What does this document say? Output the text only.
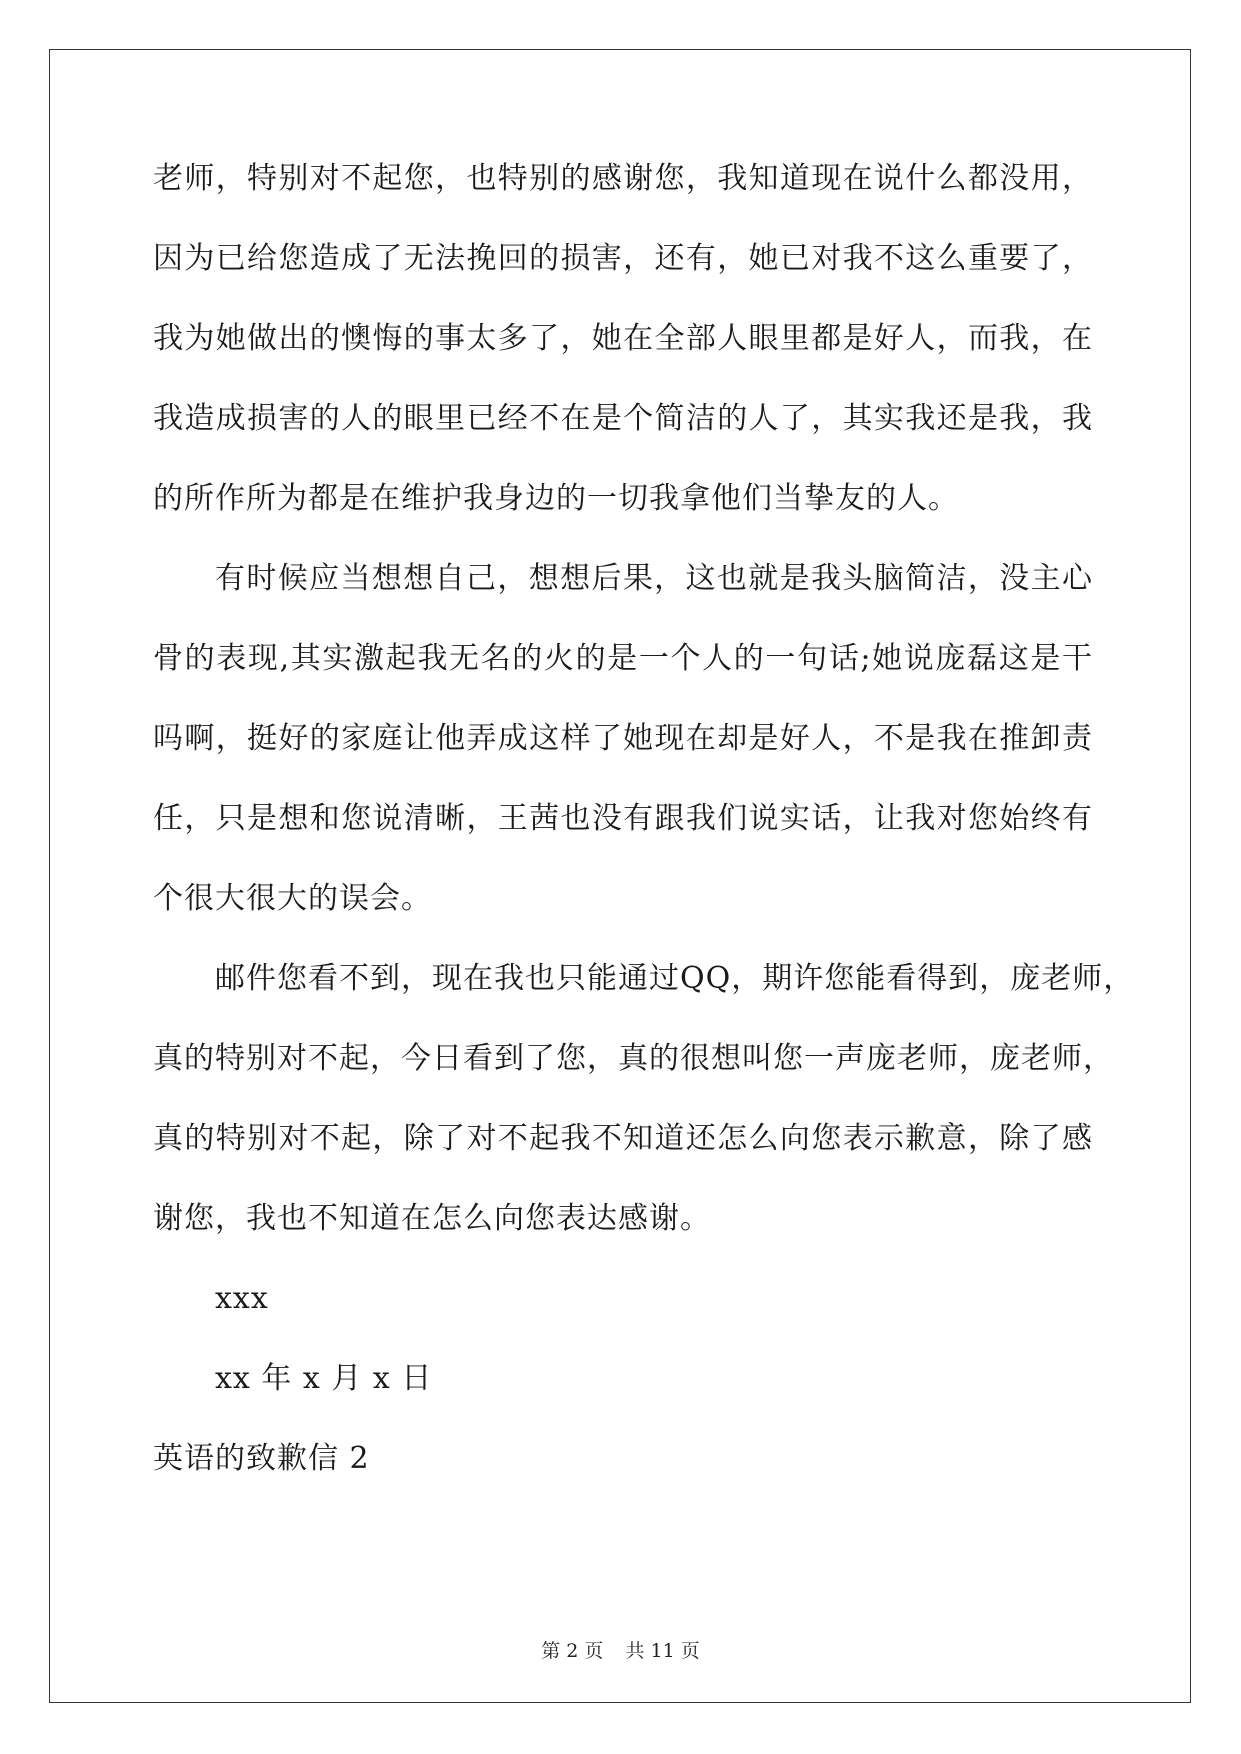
老师，特别对不起您，也特别的感谢您，我知道现在说什么都没用，
因为已给您造成了无法挽回的损害，还有，她已对我不这么重要了，
我为她做出的懊悔的事太多了，她在全部人眼里都是好人，而我，在
我造成损害的人的眼里已经不在是个简洁的人了，其实我还是我，我
的所作所为都是在维护我身边的一切我拿他们当挚友的人。
有时候应当想想自己，想想后果，这也就是我头脑简洁，没主心
骨的表现,其实激起我无名的火的是一个人的一句话;她说庞磊这是干
吗啊，挺好的家庭让他弄成这样了她现在却是好人，不是我在推卸责
任，只是想和您说清晰，王茜也没有跟我们说实话，让我对您始终有
个很大很大的误会。
邮件您看不到，现在我也只能通过QQ，期许您能看得到，庞老师，
真的特别对不起，今日看到了您，真的很想叫您一声庞老师，庞老师，
真的特别对不起，除了对不起我不知道还怎么向您表示歉意，除了感
谢您，我也不知道在怎么向您表达感谢。
xxx
xx 年 x 月 x 日
英语的致歉信 2
第 2 页 共 11 页
